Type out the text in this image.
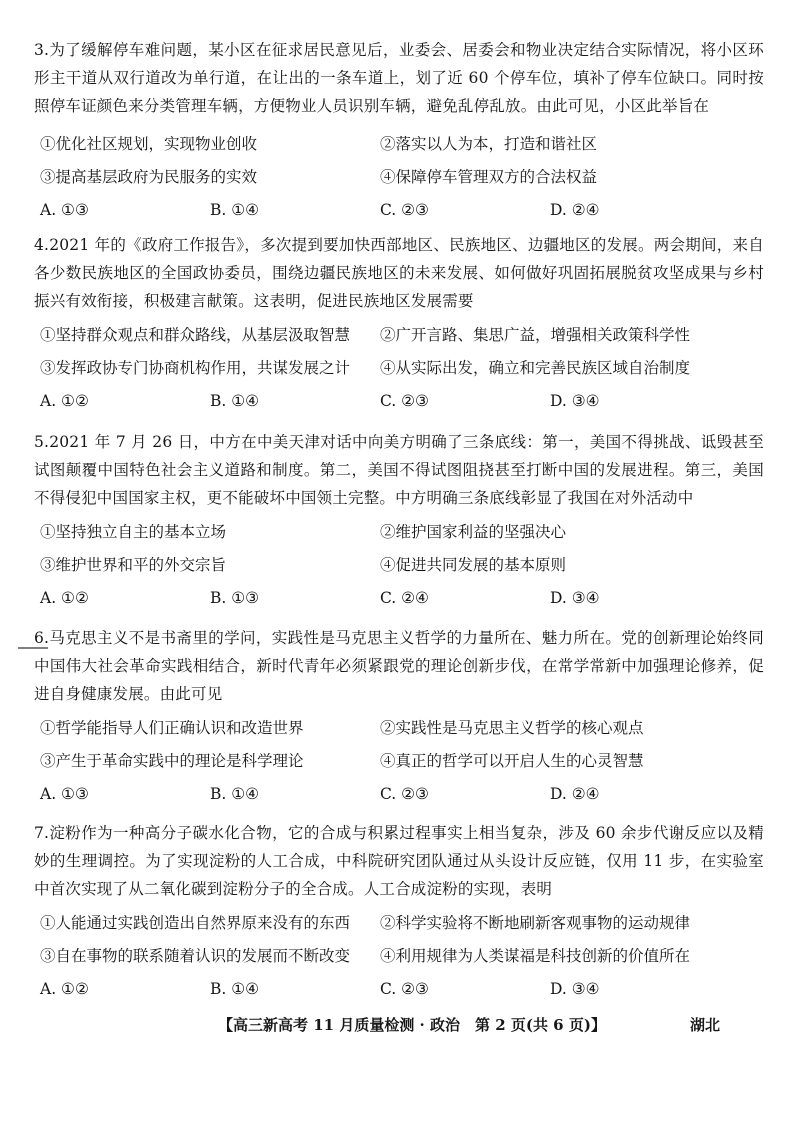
3.为了缓解停车难问题，某小区在征求居民意见后，业委会、居委会和物业决定结合实际情况，将小区环形主干道从双行道改为单行道，在让出的一条车道上，划了近 60 个停车位，填补了停车位缺口。同时按照停车证颜色来分类管理车辆，方便物业人员识别车辆，避免乱停乱放。由此可见，小区此举旨在
①优化社区规划，实现物业创收	②落实以人为本，打造和谐社区
③提高基层政府为民服务的实效	④保障停车管理双方的合法权益
A. ①③	B. ①④	C. ②③	D. ②④
4.2021 年的《政府工作报告》，多次提到要加快西部地区、民族地区、边疆地区的发展。两会期间，来自各少数民族地区的全国政协委员，围绕边疆民族地区的未来发展、如何做好巩固拓展脱贫攻坚成果与乡村振兴有效衔接，积极建言献策。这表明，促进民族地区发展需要
①坚持群众观点和群众路线，从基层汲取智慧	②广开言路、集思广益，增强相关政策科学性
③发挥政协专门协商机构作用，共谋发展之计	④从实际出发，确立和完善民族区域自治制度
A. ①②	B. ①④	C. ②③	D. ③④
5.2021 年 7 月 26 日，中方在中美天津对话中向美方明确了三条底线：第一，美国不得挑战、诋毁甚至试图颠覆中国特色社会主义道路和制度。第二，美国不得试图阻挠甚至打断中国的发展进程。第三，美国不得侵犯中国国家主权，更不能破坏中国领土完整。中方明确三条底线彰显了我国在对外活动中
①坚持独立自主的基本立场	②维护国家利益的坚强决心
③维护世界和平的外交宗旨	④促进共同发展的基本原则
A. ①②	B. ①③	C. ②④	D. ③④
6.马克思主义不是书斋里的学问，实践性是马克思主义哲学的力量所在、魅力所在。党的创新理论始终同中国伟大社会革命实践相结合，新时代青年必须紧跟党的理论创新步伐，在常学常新中加强理论修养，促进自身健康发展。由此可见
①哲学能指导人们正确认识和改造世界	②实践性是马克思主义哲学的核心观点
③产生于革命实践中的理论是科学理论	④真正的哲学可以开启人生的心灵智慧
A. ①③	B. ①④	C. ②③	D. ②④
7.淀粉作为一种高分子碳水化合物，它的合成与积累过程事实上相当复杂，涉及 60 余步代谢反应以及精妙的生理调控。为了实现淀粉的人工合成，中科院研究团队通过从头设计反应链，仅用 11 步，在实验室中首次实现了从二氧化碳到淀粉分子的全合成。人工合成淀粉的实现，表明
①人能通过实践创造出自然界原来没有的东西	②科学实验将不断地刷新客观事物的运动规律
③自在事物的联系随着认识的发展而不断改变	④利用规律为人类谋福是科技创新的价值所在
A. ①②	B. ①④	C. ②③	D. ③④
【高三新高考 11 月质量检测 · 政治　第 2 页(共 6 页)】	湖北
